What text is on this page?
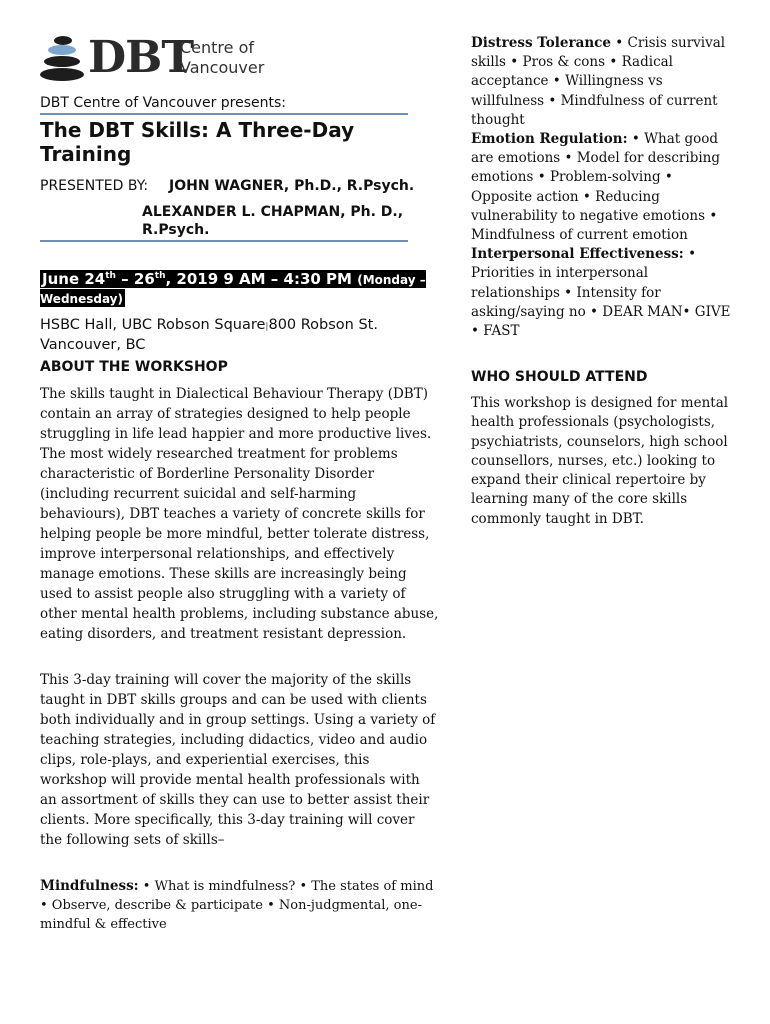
DBT
Centre of
Vancouver
DBT Centre of Vancouver presents:
The DBT Skills: A Three-Day Training
PRESENTED BY: JOHN WAGNER, Ph.D., R.Psych.
ALEXANDER L. CHAPMAN, Ph. D., R.Psych.
June 24th – 26th, 2019 9 AM – 4:30 PM (Monday – Wednesday)
HSBC Hall, UBC Robson Square|800 Robson St.
Vancouver, BC
ABOUT THE WORKSHOP
The skills taught in Dialectical Behaviour Therapy (DBT) contain an array of strategies designed to help people struggling in life lead happier and more productive lives. The most widely researched treatment for problems characteristic of Borderline Personality Disorder (including recurrent suicidal and self-harming behaviours), DBT teaches a variety of concrete skills for helping people be more mindful, better tolerate distress, improve interpersonal relationships, and effectively manage emotions. These skills are increasingly being used to assist people also struggling with a variety of other mental health problems, including substance abuse, eating disorders, and treatment resistant depression.
This 3-day training will cover the majority of the skills taught in DBT skills groups and can be used with clients both individually and in group settings. Using a variety of teaching strategies, including didactics, video and audio clips, role-plays, and experiential exercises, this workshop will provide mental health professionals with an assortment of skills they can use to better assist their clients. More specifically, this 3-day training will cover the following sets of skills–
Mindfulness: • What is mindfulness? • The states of mind • Observe, describe & participate • Non-judgmental, one-mindful & effective
Distress Tolerance • Crisis survival skills • Pros & cons • Radical acceptance • Willingness vs willfulness • Mindfulness of current thought
Emotion Regulation: • What good are emotions • Model for describing emotions • Problem-solving • Opposite action • Reducing vulnerability to negative emotions • Mindfulness of current emotion
Interpersonal Effectiveness: • Priorities in interpersonal relationships • Intensity for asking/saying no • DEAR MAN• GIVE • FAST
WHO SHOULD ATTEND
This workshop is designed for mental health professionals (psychologists, psychiatrists, counselors, high school counsellors, nurses, etc.) looking to expand their clinical repertoire by learning many of the core skills commonly taught in DBT.
